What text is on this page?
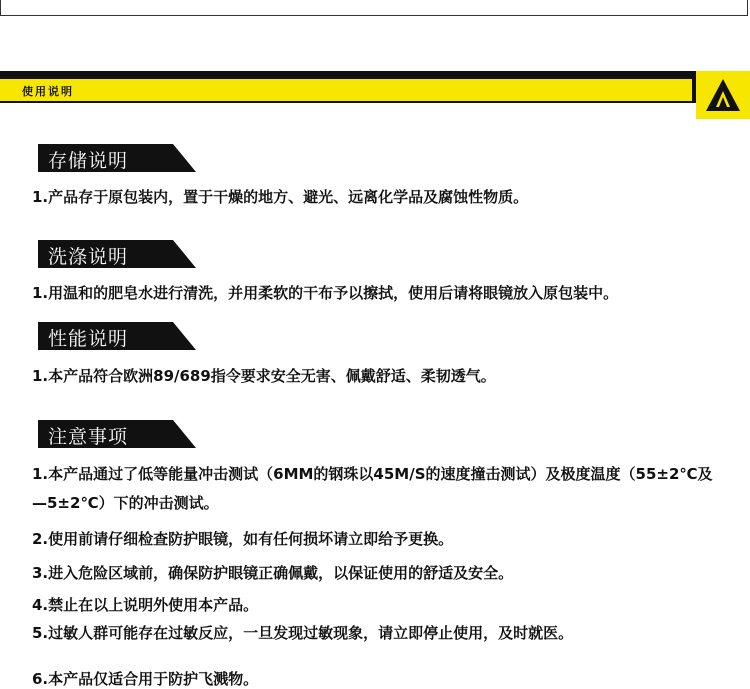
使用说明
存储说明
1.产品存于原包装内，置于干燥的地方、避光、远离化学品及腐蚀性物质。
洗涤说明
1.用温和的肥皂水进行清洗，并用柔软的干布予以擦拭，使用后请将眼镜放入原包装中。
性能说明
1.本产品符合欧洲89/689指令要求安全无害、佩戴舒适、柔韧透气。
注意事项
1.本产品通过了低等能量冲击测试（6MM的钢珠以45M/S的速度撞击测试）及极度温度（55±2℃及—5±2℃）下的冲击测试。
2.使用前请仔细检查防护眼镜，如有任何损坏请立即给予更换。
3.进入危险区域前，确保防护眼镜正确佩戴，以保证使用的舒适及安全。
4.禁止在以上说明外使用本产品。
5.过敏人群可能存在过敏反应，一旦发现过敏现象，请立即停止使用，及时就医。
6.本产品仅适合用于防护飞溅物。
